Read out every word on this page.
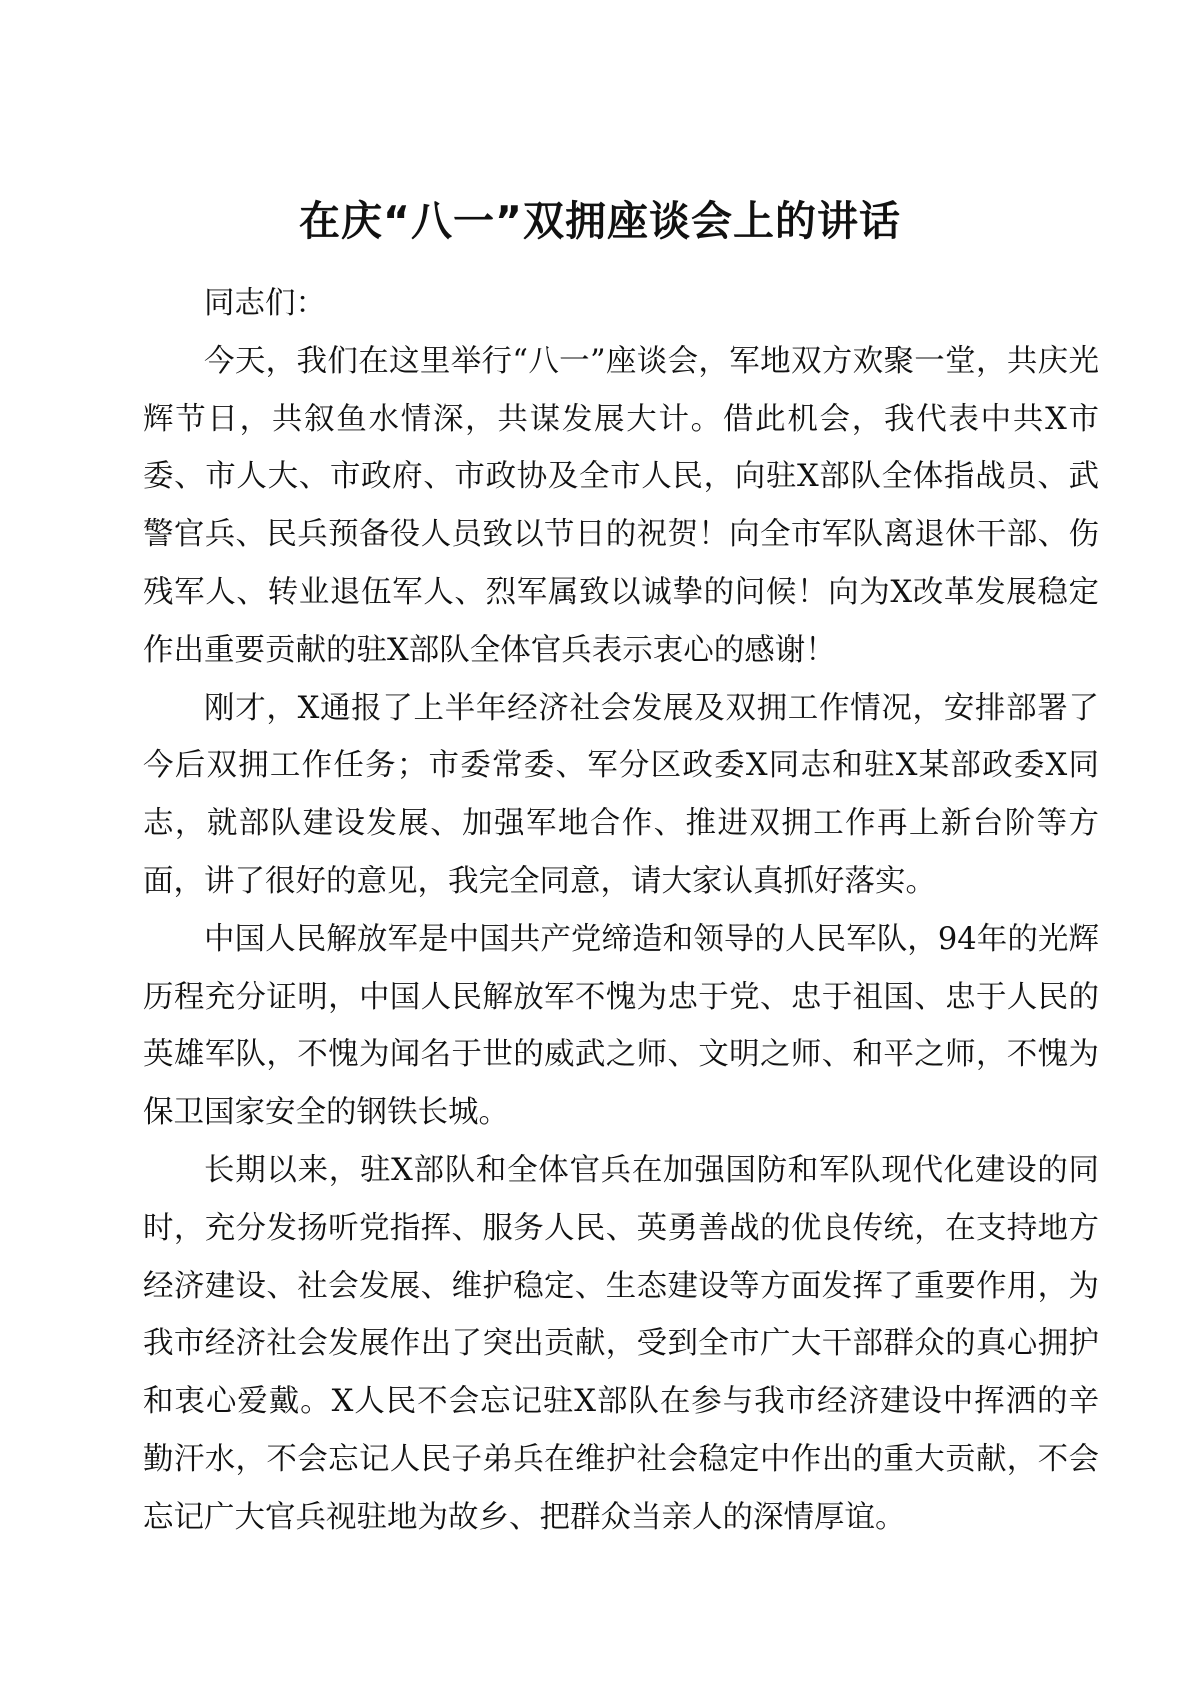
在庆“八一”双拥座谈会上的讲话

同志们：

今天，我们在这里举行“八一”座谈会，军地双方欢聚一堂，共庆光辉节日，共叙鱼水情深，共谋发展大计。借此机会，我代表中共X市委、市人大、市政府、市政协及全市人民，向驻X部队全体指战员、武警官兵、民兵预备役人员致以节日的祝贺！向全市军队离退休干部、伤残军人、转业退伍军人、烈军属致以诚挚的问候！向为X改革发展稳定作出重要贡献的驻X部队全体官兵表示衷心的感谢！

刚才，X通报了上半年经济社会发展及双拥工作情况，安排部署了今后双拥工作任务；市委常委、军分区政委X同志和驻X某部政委X同志，就部队建设发展、加强军地合作、推进双拥工作再上新台阶等方面，讲了很好的意见，我完全同意，请大家认真抓好落实。

中国人民解放军是中国共产党缔造和领导的人民军队，94年的光辉历程充分证明，中国人民解放军不愧为忠于党、忠于祖国、忠于人民的英雄军队，不愧为闻名于世的威武之师、文明之师、和平之师，不愧为保卫国家安全的钢铁长城。

长期以来，驻X部队和全体官兵在加强国防和军队现代化建设的同时，充分发扬听党指挥、服务人民、英勇善战的优良传统，在支持地方经济建设、社会发展、维护稳定、生态建设等方面发挥了重要作用，为我市经济社会发展作出了突出贡献，受到全市广大干部群众的真心拥护和衷心爱戴。X人民不会忘记驻X部队在参与我市经济建设中挥洒的辛勤汗水，不会忘记人民子弟兵在维护社会稳定中作出的重大贡献，不会忘记广大官兵视驻地为故乡、把群众当亲人的深情厚谊。
